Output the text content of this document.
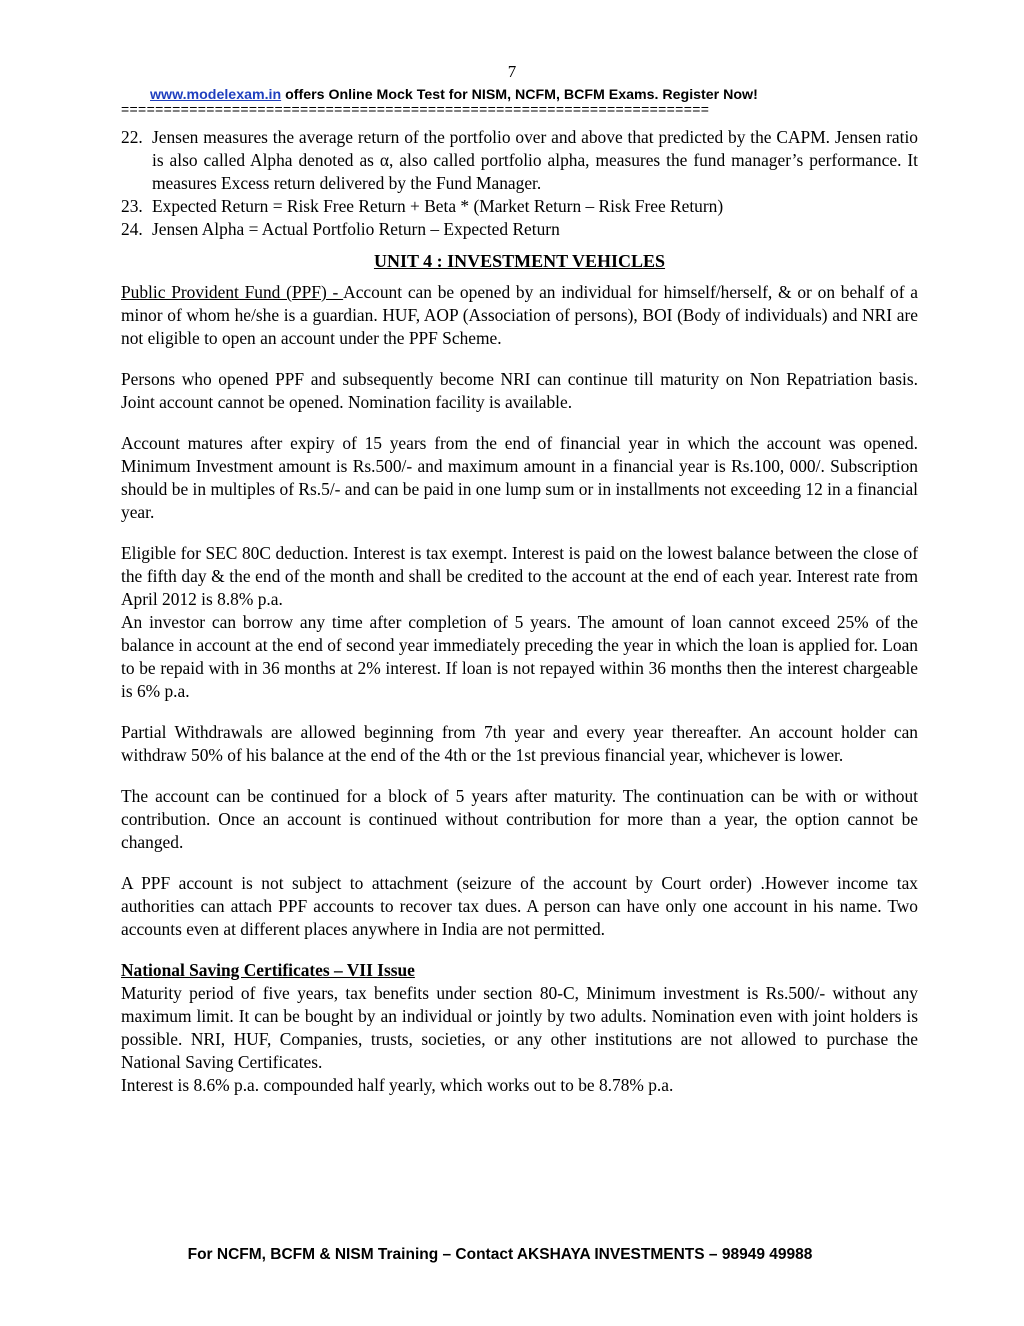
7
www.modelexam.in offers Online Mock Test for NISM, NCFM, BCFM Exams. Register Now!
=====================================================================
22. Jensen measures the average return of the portfolio over and above that predicted by the CAPM. Jensen ratio is also called Alpha denoted as α, also called portfolio alpha, measures the fund manager’s performance. It measures Excess return delivered by the Fund Manager.
23. Expected Return = Risk Free Return + Beta * (Market Return – Risk Free Return)
24. Jensen Alpha = Actual Portfolio Return – Expected Return
UNIT 4 : INVESTMENT VEHICLES

Public Provident Fund (PPF) - Account can be opened by an individual for himself/herself, & or on behalf of a minor of whom he/she is a guardian. HUF, AOP (Association of persons), BOI (Body of individuals) and NRI are not eligible to open an account under the PPF Scheme.

Persons who opened PPF and subsequently become NRI can continue till maturity on Non Repatriation basis. Joint account cannot be opened. Nomination facility is available.

Account matures after expiry of 15 years from the end of financial year in which the account was opened. Minimum Investment amount is Rs.500/- and maximum amount in a financial year is Rs.100, 000/. Subscription should be in multiples of Rs.5/- and can be paid in one lump sum or in installments not exceeding 12 in a financial year.

Eligible for SEC 80C deduction. Interest is tax exempt. Interest is paid on the lowest balance between the close of the fifth day & the end of the month and shall be credited to the account at the end of each year. Interest rate from April 2012 is 8.8% p.a.

An investor can borrow any time after completion of 5 years. The amount of loan cannot exceed 25% of the balance in account at the end of second year immediately preceding the year in which the loan is applied for. Loan to be repaid with in 36 months at 2% interest. If loan is not repayed within 36 months then the interest chargeable is 6% p.a.

Partial Withdrawals are allowed beginning from 7th year and every year thereafter. An account holder can withdraw 50% of his balance at the end of the 4th or the 1st previous financial year, whichever is lower.

The account can be continued for a block of 5 years after maturity. The continuation can be with or without contribution. Once an account is continued without contribution for more than a year, the option cannot be changed.

A PPF account is not subject to attachment (seizure of the account by Court order) .However income tax authorities can attach PPF accounts to recover tax dues. A person can have only one account in his name. Two accounts even at different places anywhere in India are not permitted.

National Saving Certificates – VII Issue

Maturity period of five years, tax benefits under section 80-C, Minimum investment is Rs.500/- without any maximum limit. It can be bought by an individual or jointly by two adults. Nomination even with joint holders is possible. NRI, HUF, Companies, trusts, societies, or any other institutions are not allowed to purchase the National Saving Certificates.

Interest is 8.6% p.a. compounded half yearly, which works out to be 8.78% p.a.

For NCFM, BCFM & NISM Training – Contact AKSHAYA INVESTMENTS – 98949 49988
